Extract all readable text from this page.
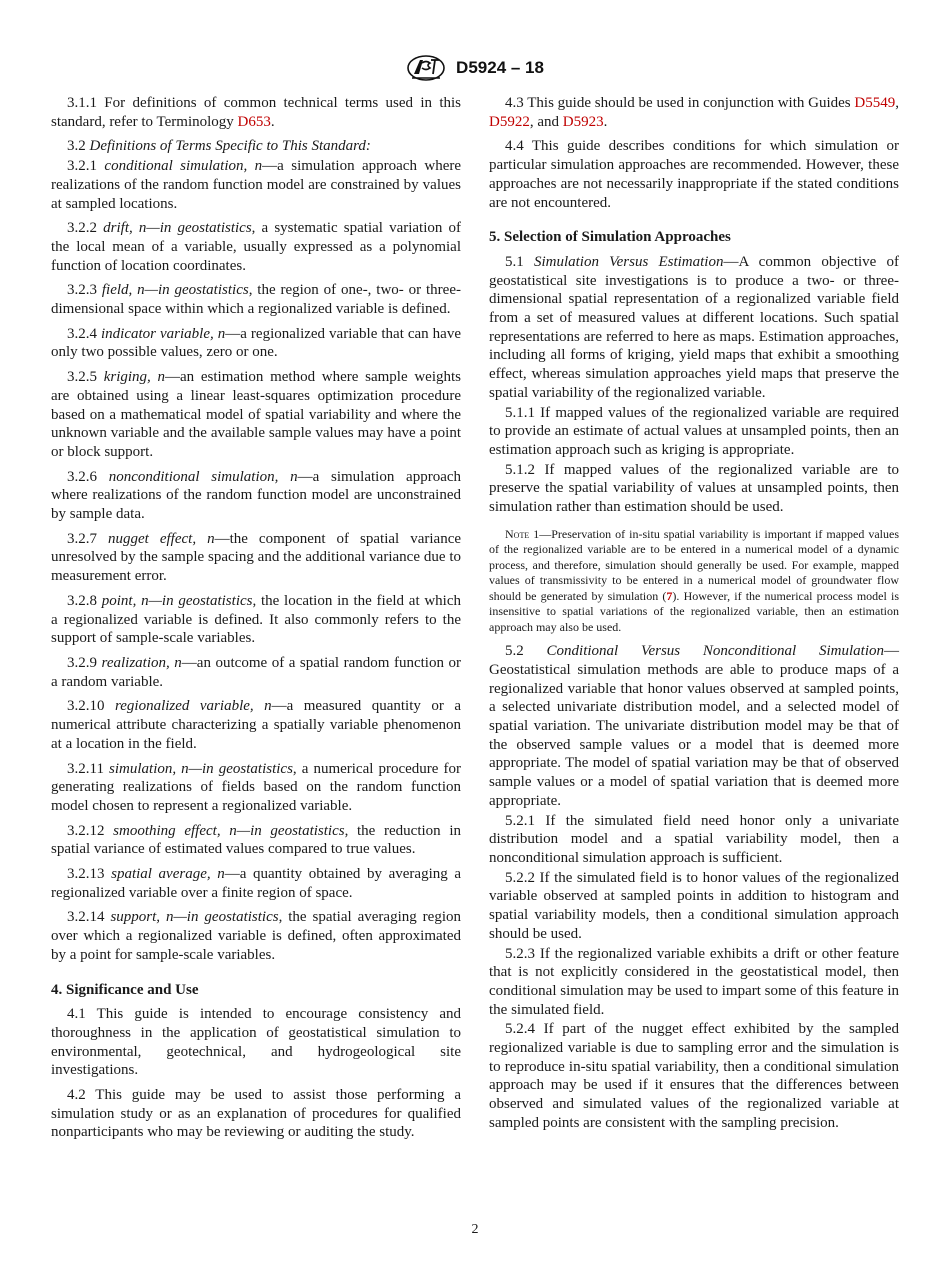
D5924 – 18

3.1.1 For definitions of common technical terms used in this standard, refer to Terminology D653.

3.2 Definitions of Terms Specific to This Standard:

3.2.1 conditional simulation, n—a simulation approach where realizations of the random function model are constrained by values at sampled locations.

3.2.2 drift, n—in geostatistics, a systematic spatial variation of the local mean of a variable, usually expressed as a polynomial function of location coordinates.

3.2.3 field, n—in geostatistics, the region of one-, two- or three-dimensional space within which a regionalized variable is defined.

3.2.4 indicator variable, n—a regionalized variable that can have only two possible values, zero or one.

3.2.5 kriging, n—an estimation method where sample weights are obtained using a linear least-squares optimization procedure based on a mathematical model of spatial variability and where the unknown variable and the available sample values may have a point or block support.

3.2.6 nonconditional simulation, n—a simulation approach where realizations of the random function model are unconstrained by sample data.

3.2.7 nugget effect, n—the component of spatial variance unresolved by the sample spacing and the additional variance due to measurement error.

3.2.8 point, n—in geostatistics, the location in the field at which a regionalized variable is defined. It also commonly refers to the support of sample-scale variables.

3.2.9 realization, n—an outcome of a spatial random function or a random variable.

3.2.10 regionalized variable, n—a measured quantity or a numerical attribute characterizing a spatially variable phenomenon at a location in the field.

3.2.11 simulation, n—in geostatistics, a numerical procedure for generating realizations of fields based on the random function model chosen to represent a regionalized variable.

3.2.12 smoothing effect, n—in geostatistics, the reduction in spatial variance of estimated values compared to true values.

3.2.13 spatial average, n—a quantity obtained by averaging a regionalized variable over a finite region of space.

3.2.14 support, n—in geostatistics, the spatial averaging region over which a regionalized variable is defined, often approximated by a point for sample-scale variables.

4. Significance and Use

4.1 This guide is intended to encourage consistency and thoroughness in the application of geostatistical simulation to environmental, geotechnical, and hydrogeological site investigations.

4.2 This guide may be used to assist those performing a simulation study or as an explanation of procedures for qualified nonparticipants who may be reviewing or auditing the study.

4.3 This guide should be used in conjunction with Guides D5549, D5922, and D5923.

4.4 This guide describes conditions for which simulation or particular simulation approaches are recommended. However, these approaches are not necessarily inappropriate if the stated conditions are not encountered.

5. Selection of Simulation Approaches

5.1 Simulation Versus Estimation—A common objective of geostatistical site investigations is to produce a two- or three-dimensional spatial representation of a regionalized variable field from a set of measured values at different locations. Such spatial representations are referred to here as maps. Estimation approaches, including all forms of kriging, yield maps that exhibit a smoothing effect, whereas simulation approaches yield maps that preserve the spatial variability of the regionalized variable.

5.1.1 If mapped values of the regionalized variable are required to provide an estimate of actual values at unsampled points, then an estimation approach such as kriging is appropriate.

5.1.2 If mapped values of the regionalized variable are to preserve the spatial variability of values at unsampled points, then simulation rather than estimation should be used.

Note 1—Preservation of in-situ spatial variability is important if mapped values of the regionalized variable are to be entered in a numerical model of a dynamic process, and therefore, simulation should generally be used. For example, mapped values of transmissivity to be entered in a numerical model of groundwater flow should be generated by simulation (7). However, if the numerical process model is insensitive to spatial variations of the regionalized variable, then an estimation approach may also be used.

5.2 Conditional Versus Nonconditional Simulation—Geostatistical simulation methods are able to produce maps of a regionalized variable that honor values observed at sampled points, a selected univariate distribution model, and a selected model of spatial variation. The univariate distribution model may be that of the observed sample values or a model that is deemed more appropriate. The model of spatial variation may be that of observed sample values or a model of spatial variation that is deemed more appropriate.

5.2.1 If the simulated field need honor only a univariate distribution model and a spatial variability model, then a nonconditional simulation approach is sufficient.

5.2.2 If the simulated field is to honor values of the regionalized variable observed at sampled points in addition to histogram and spatial variability models, then a conditional simulation approach should be used.

5.2.3 If the regionalized variable exhibits a drift or other feature that is not explicitly considered in the geostatistical model, then conditional simulation may be used to impart some of this feature in the simulated field.

5.2.4 If part of the nugget effect exhibited by the sampled regionalized variable is due to sampling error and the simulation is to reproduce in-situ spatial variability, then a conditional simulation approach may be used if it ensures that the differences between observed and simulated values of the regionalized variable at sampled points are consistent with the sampling precision.

2
